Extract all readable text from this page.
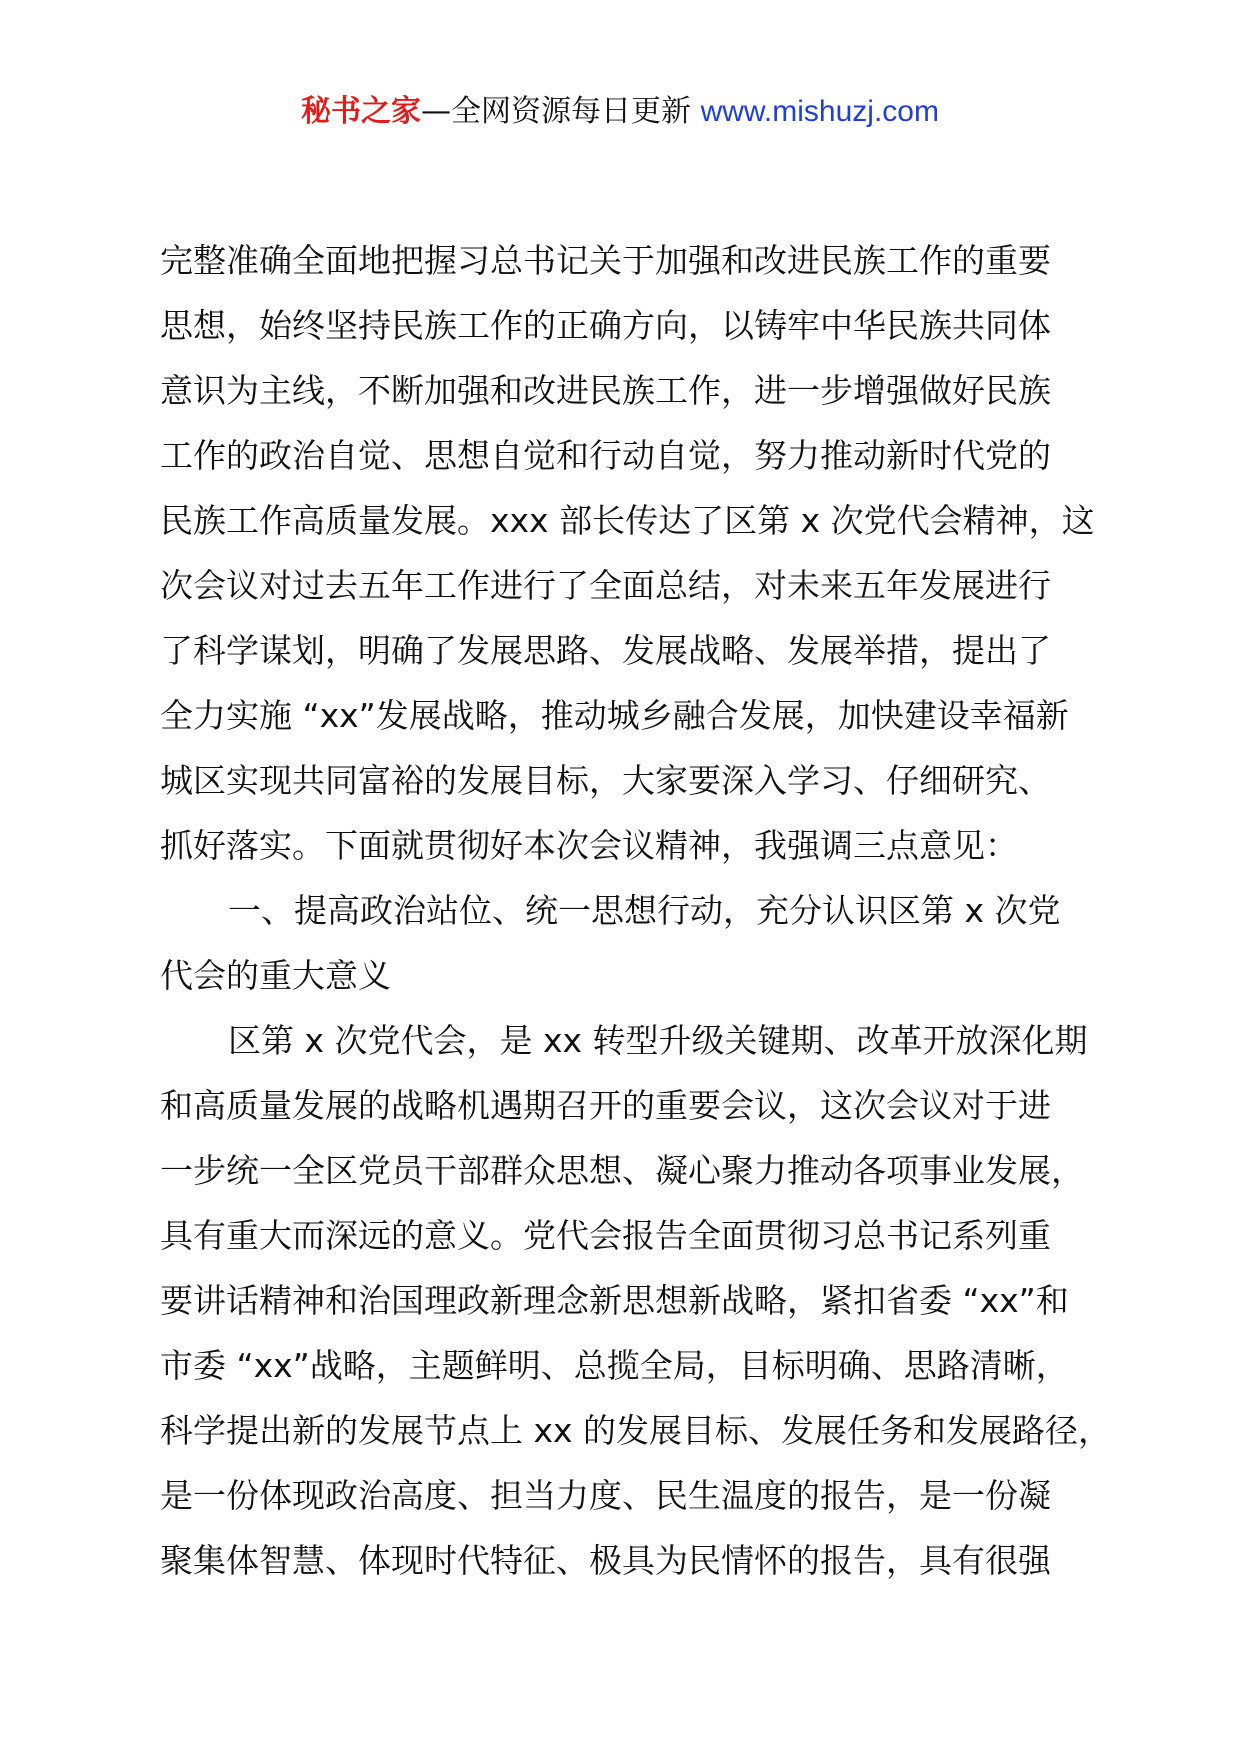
秘书之家—全网资源每日更新 www.mishuzj.com
完整准确全面地把握习总书记关于加强和改进民族工作的重要
思想，始终坚持民族工作的正确方向，以铸牢中华民族共同体
意识为主线，不断加强和改进民族工作，进一步增强做好民族
工作的政治自觉、思想自觉和行动自觉，努力推动新时代党的
民族工作高质量发展。xxx 部长传达了区第 x 次党代会精神，这
次会议对过去五年工作进行了全面总结，对未来五年发展进行
了科学谋划，明确了发展思路、发展战略、发展举措，提出了
全力实施 “xx”发展战略，推动城乡融合发展，加快建设幸福新
城区实现共同富裕的发展目标，大家要深入学习、仔细研究、
抓好落实。下面就贯彻好本次会议精神，我强调三点意见：
一、提高政治站位、统一思想行动，充分认识区第 x 次党
代会的重大意义
区第 x 次党代会，是 xx 转型升级关键期、改革开放深化期
和高质量发展的战略机遇期召开的重要会议，这次会议对于进
一步统一全区党员干部群众思想、凝心聚力推动各项事业发展，
具有重大而深远的意义。党代会报告全面贯彻习总书记系列重
要讲话精神和治国理政新理念新思想新战略，紧扣省委 “xx”和
市委 “xx”战略，主题鲜明、总揽全局，目标明确、思路清晰，
科学提出新的发展节点上 xx 的发展目标、发展任务和发展路径，
是一份体现政治高度、担当力度、民生温度的报告，是一份凝
聚集体智慧、体现时代特征、极具为民情怀的报告，具有很强
